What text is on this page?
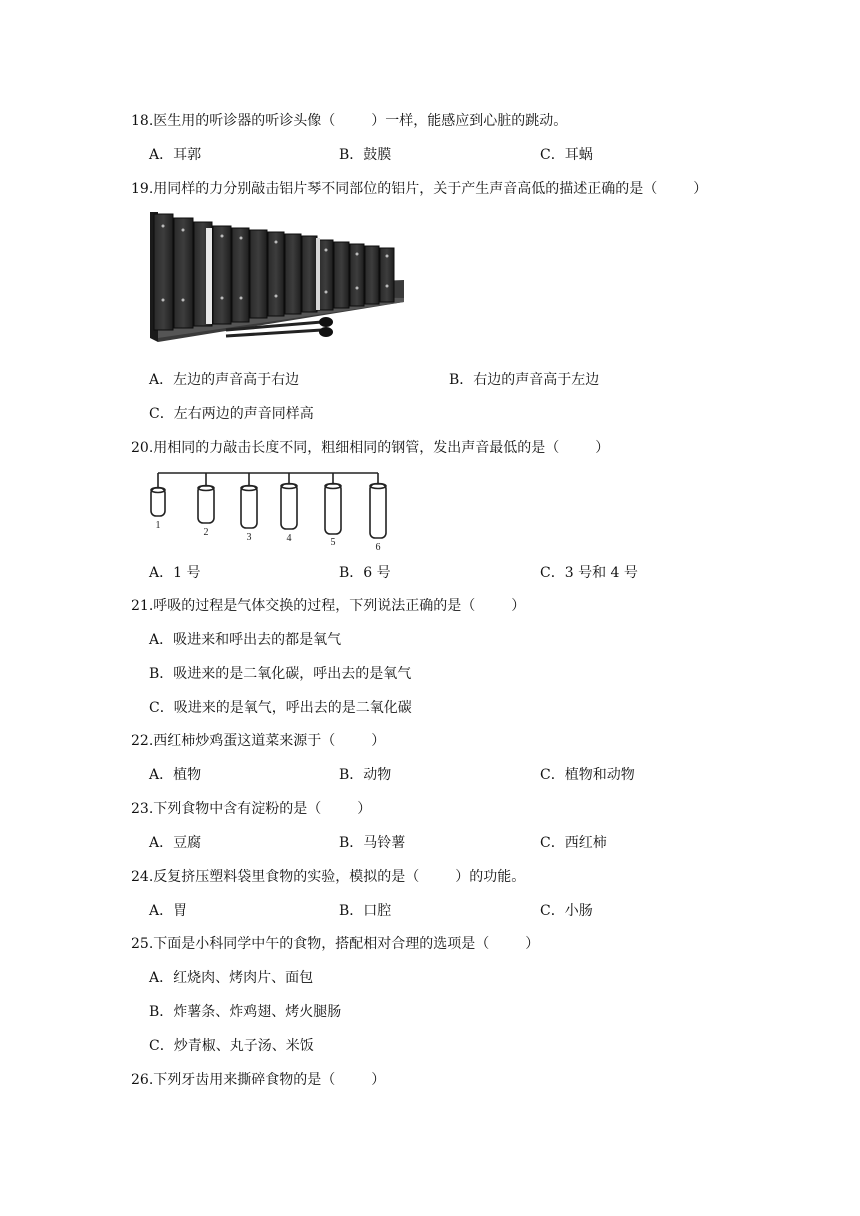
18.医生用的听诊器的听诊头像（	）一样，能感应到心脏的跳动。
A．耳郭	B．鼓膜	C．耳蜗
19.用同样的力分别敲击铝片琴不同部位的铝片，关于产生声音高低的描述正确的是（	）
A．左边的声音高于右边	B．右边的声音高于左边
C．左右两边的声音同样高
20.用相同的力敲击长度不同，粗细相同的钢管，发出声音最低的是（	）
1
2	3	4	5	6
A．1 号	B．6 号	C．3 号和 4 号
21.呼吸的过程是气体交换的过程，下列说法正确的是（	）
A．吸进来和呼出去的都是氧气
B．吸进来的是二氧化碳，呼出去的是氧气
C．吸进来的是氧气，呼出去的是二氧化碳
22.西红柿炒鸡蛋这道菜来源于（	）
A．植物	B．动物	C．植物和动物
23.下列食物中含有淀粉的是（	）
A．豆腐	B．马铃薯	C．西红柿
24.反复挤压塑料袋里食物的实验，模拟的是（	）的功能。
A．胃	B．口腔	C．小肠
25.下面是小科同学中午的食物，搭配相对合理的选项是（	）
A．红烧肉、烤肉片、面包
B．炸薯条、炸鸡翅、烤火腿肠
C．炒青椒、丸子汤、米饭
26.下列牙齿用来撕碎食物的是（	）
